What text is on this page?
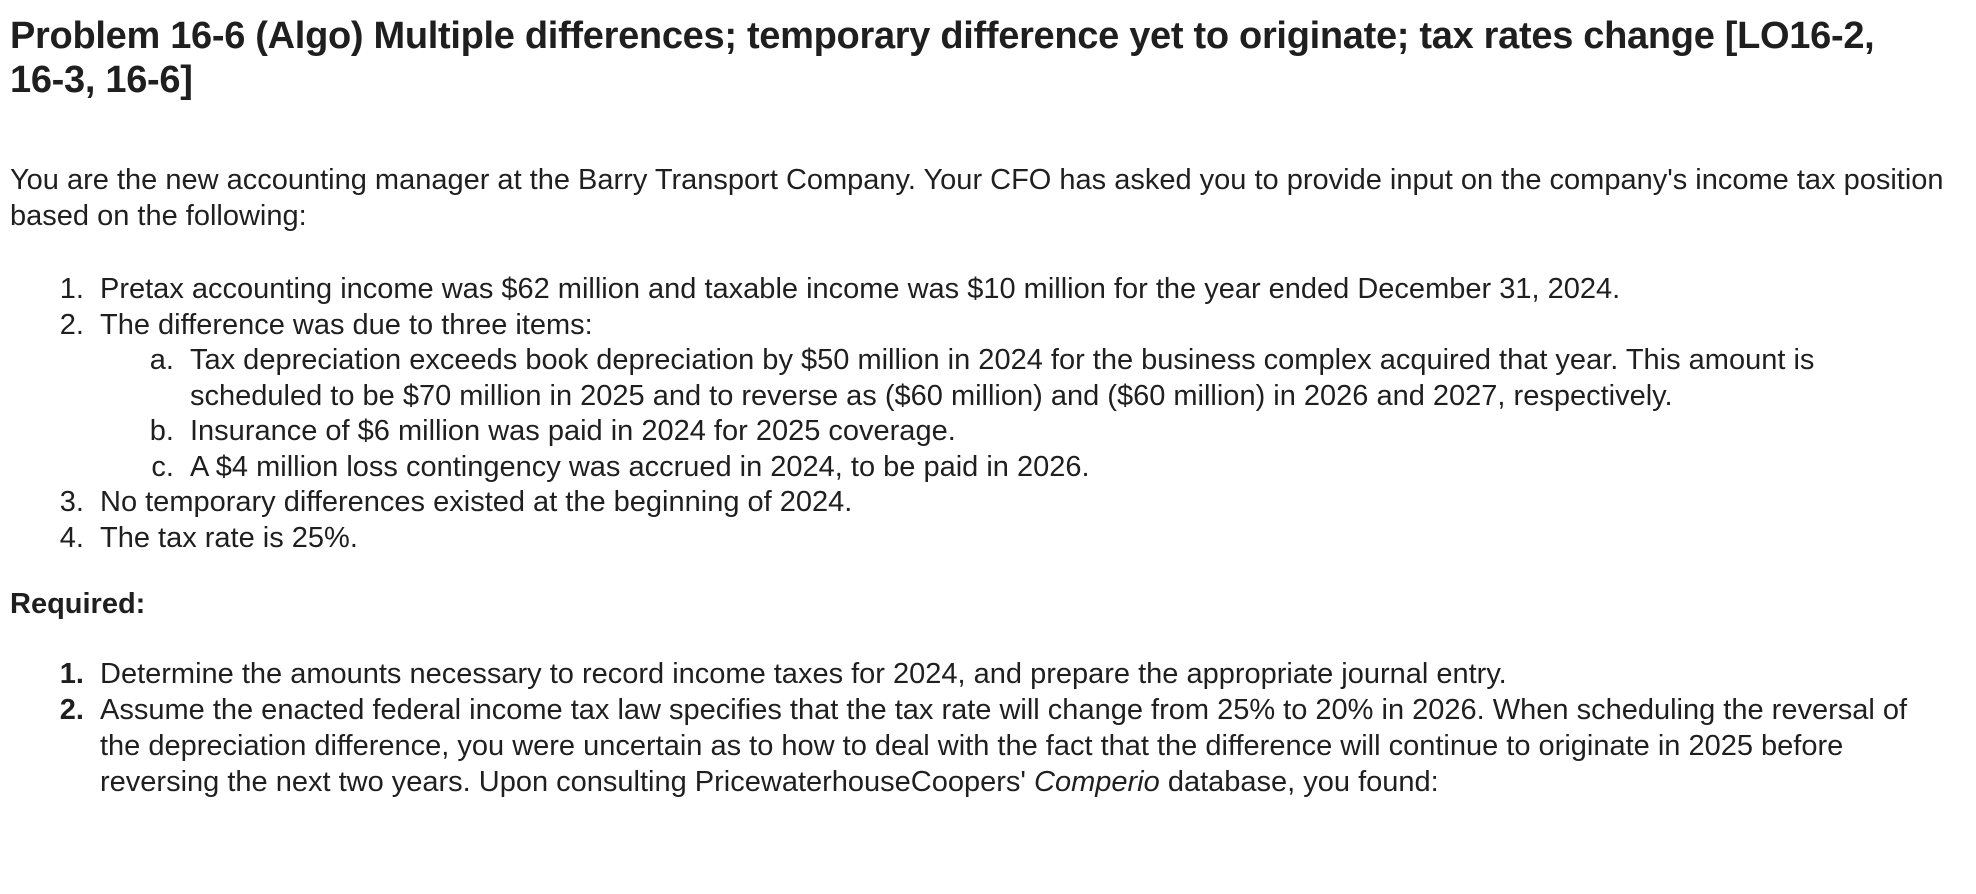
Problem 16-6 (Algo) Multiple differences; temporary difference yet to originate; tax rates change [LO16-2, 16-3, 16-6]

You are the new accounting manager at the Barry Transport Company. Your CFO has asked you to provide input on the company's income tax position based on the following:

1. Pretax accounting income was $62 million and taxable income was $10 million for the year ended December 31, 2024.
2. The difference was due to three items:
a. Tax depreciation exceeds book depreciation by $50 million in 2024 for the business complex acquired that year. This amount is scheduled to be $70 million in 2025 and to reverse as ($60 million) and ($60 million) in 2026 and 2027, respectively.
b. Insurance of $6 million was paid in 2024 for 2025 coverage.
c. A $4 million loss contingency was accrued in 2024, to be paid in 2026.
3. No temporary differences existed at the beginning of 2024.
4. The tax rate is 25%.
Required:
1. Determine the amounts necessary to record income taxes for 2024, and prepare the appropriate journal entry.
2. Assume the enacted federal income tax law specifies that the tax rate will change from 25% to 20% in 2026. When scheduling the reversal of the depreciation difference, you were uncertain as to how to deal with the fact that the difference will continue to originate in 2025 before reversing the next two years. Upon consulting PricewaterhouseCoopers' Comperio database, you found:
